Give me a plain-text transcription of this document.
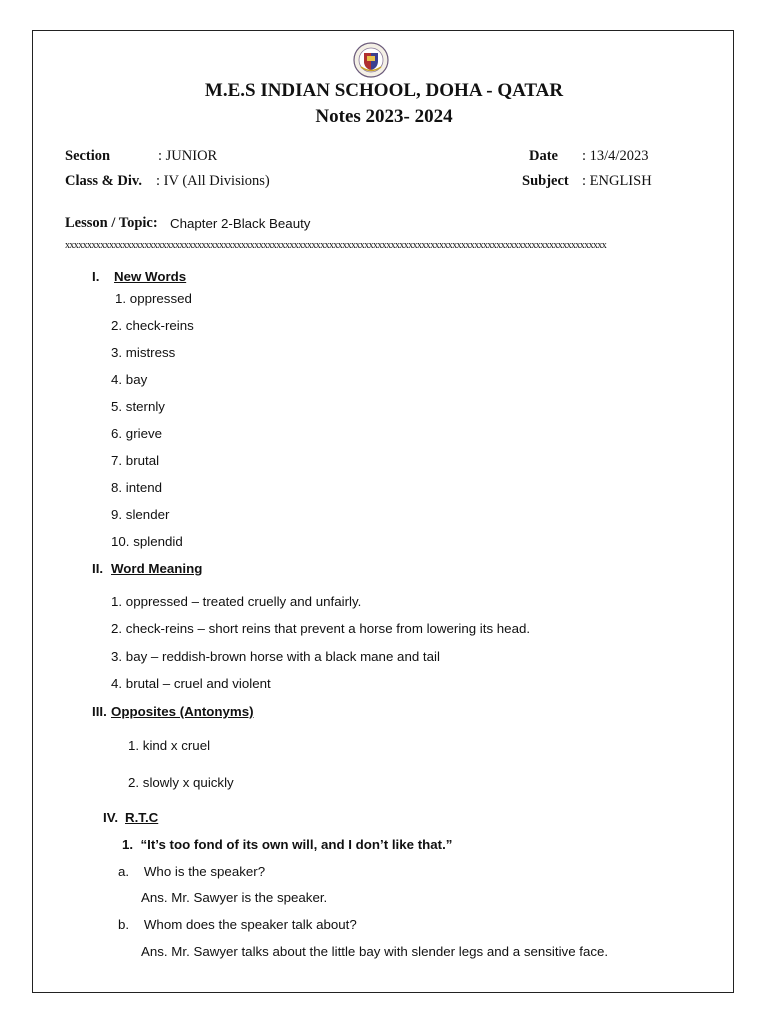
M.E.S INDIAN SCHOOL, DOHA - QATAR
Notes 2023- 2024
Section	: JUNIOR	Date : 13/4/2023
Class & Div. : IV (All Divisions)	Subject : ENGLISH
Lesson / Topic: Chapter 2-Black Beauty
xxxxxxxxxxxxxxxxxxxxxxxxxxxxxxxxxxxxxxxxxxxxxxxxxxxxxxxxxxxxxxxxxxxxxxxxxxxxxxxxxxxxxxxxxxxxxxxxxxxxxxxxxxxxxxxxxxxxxxxxxxx
I. New Words
1. oppressed
2. check-reins
3. mistress
4. bay
5. sternly
6. grieve
7. brutal
8. intend
9. slender
10. splendid
II. Word Meaning
1. oppressed – treated cruelly and unfairly.
2. check-reins – short reins that prevent a horse from lowering its head.
3. bay – reddish-brown horse with a black mane and tail
4. brutal – cruel and violent
III. Opposites (Antonyms)
1. kind x cruel
2. slowly x quickly
IV. R.T.C
1. “It’s too fond of its own will, and I don’t like that.”
a. Who is the speaker?
Ans. Mr. Sawyer is the speaker.
b. Whom does the speaker talk about?
Ans. Mr. Sawyer talks about the little bay with slender legs and a sensitive face.
